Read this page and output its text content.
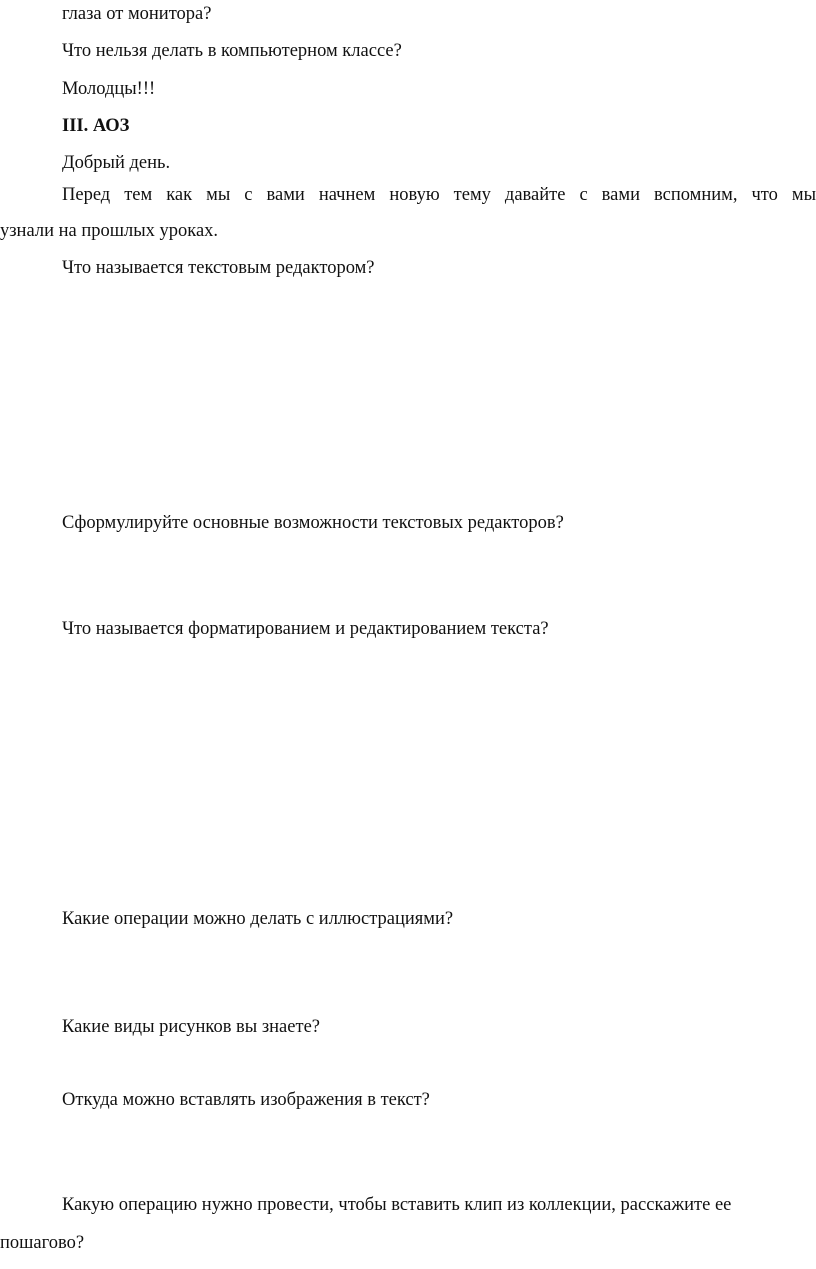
глаза от монитора?

Что нельзя делать в компьютерном классе?

Молодцы!!!

III. АОЗ

Добрый день.

Перед тем как мы с вами начнем новую тему давайте с вами вспомним, что мы

узнали на прошлых уроках.

Что называется текстовым редактором?

Сформулируйте основные возможности текстовых редакторов?

Что называется форматированием и редактированием текста?

Какие операции можно делать с иллюстрациями?

Какие виды рисунков вы знаете?

Откуда можно вставлять изображения в текст?

Какую операцию нужно провести, чтобы вставить клип из коллекции, расскажите ее

пошагово?
